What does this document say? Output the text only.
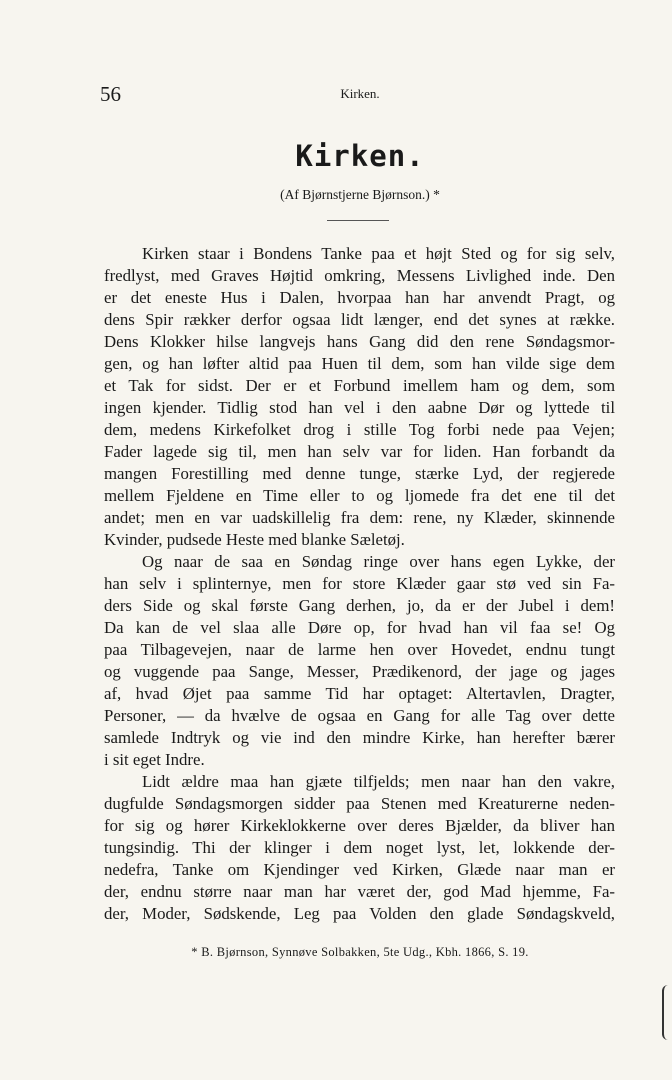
56	Kirken.
Kirken.
(Af Bjørnstjerne Bjørnson.) *
Kirken staar i Bondens Tanke paa et højt Sted og for sig selv,
fredlyst, med Graves Højtid omkring, Messens Livlighed inde. Den
er det eneste Hus i Dalen, hvorpaa han har anvendt Pragt, og
dens Spir rækker derfor ogsaa lidt længer, end det synes at række.
Dens Klokker hilse langvejs hans Gang did den rene Søndagsmor-
gen, og han løfter altid paa Huen til dem, som han vilde sige dem
et Tak for sidst. Der er et Forbund imellem ham og dem, som
ingen kjender. Tidlig stod han vel i den aabne Dør og lyttede til
dem, medens Kirkefolket drog i stille Tog forbi nede paa Vejen;
Fader lagede sig til, men han selv var for liden. Han forbandt da
mangen Forestilling med denne tunge, stærke Lyd, der regjerede
mellem Fjeldene en Time eller to og ljomede fra det ene til det
andet; men en var uadskillelig fra dem: rene, ny Klæder, skinnende
Kvinder, pudsede Heste med blanke Sæletøj.
Og naar de saa en Søndag ringe over hans egen Lykke, der
han selv i splinternye, men for store Klæder gaar stø ved sin Fa-
ders Side og skal første Gang derhen, jo, da er der Jubel i dem!
Da kan de vel slaa alle Døre op, for hvad han vil faa se! Og
paa Tilbagevejen, naar de larme hen over Hovedet, endnu tungt
og vuggende paa Sange, Messer, Prædikenord, der jage og jages
af, hvad Øjet paa samme Tid har optaget: Altertavlen, Dragter,
Personer, — da hvælve de ogsaa en Gang for alle Tag over dette
samlede Indtryk og vie ind den mindre Kirke, han herefter bærer
i sit eget Indre.
Lidt ældre maa han gjæte tilfjelds; men naar han den vakre,
dugfulde Søndagsmorgen sidder paa Stenen med Kreaturerne neden-
for sig og hører Kirkeklokkerne over deres Bjælder, da bliver han
tungsindig. Thi der klinger i dem noget lyst, let, lokkende der-
nedefra, Tanke om Kjendinger ved Kirken, Glæde naar man er
der, endnu større naar man har været der, god Mad hjemme, Fa-
der, Moder, Sødskende, Leg paa Volden den glade Søndagskveld,
* B. Bjørnson, Synnøve Solbakken, 5te Udg., Kbh. 1866, S. 19.
